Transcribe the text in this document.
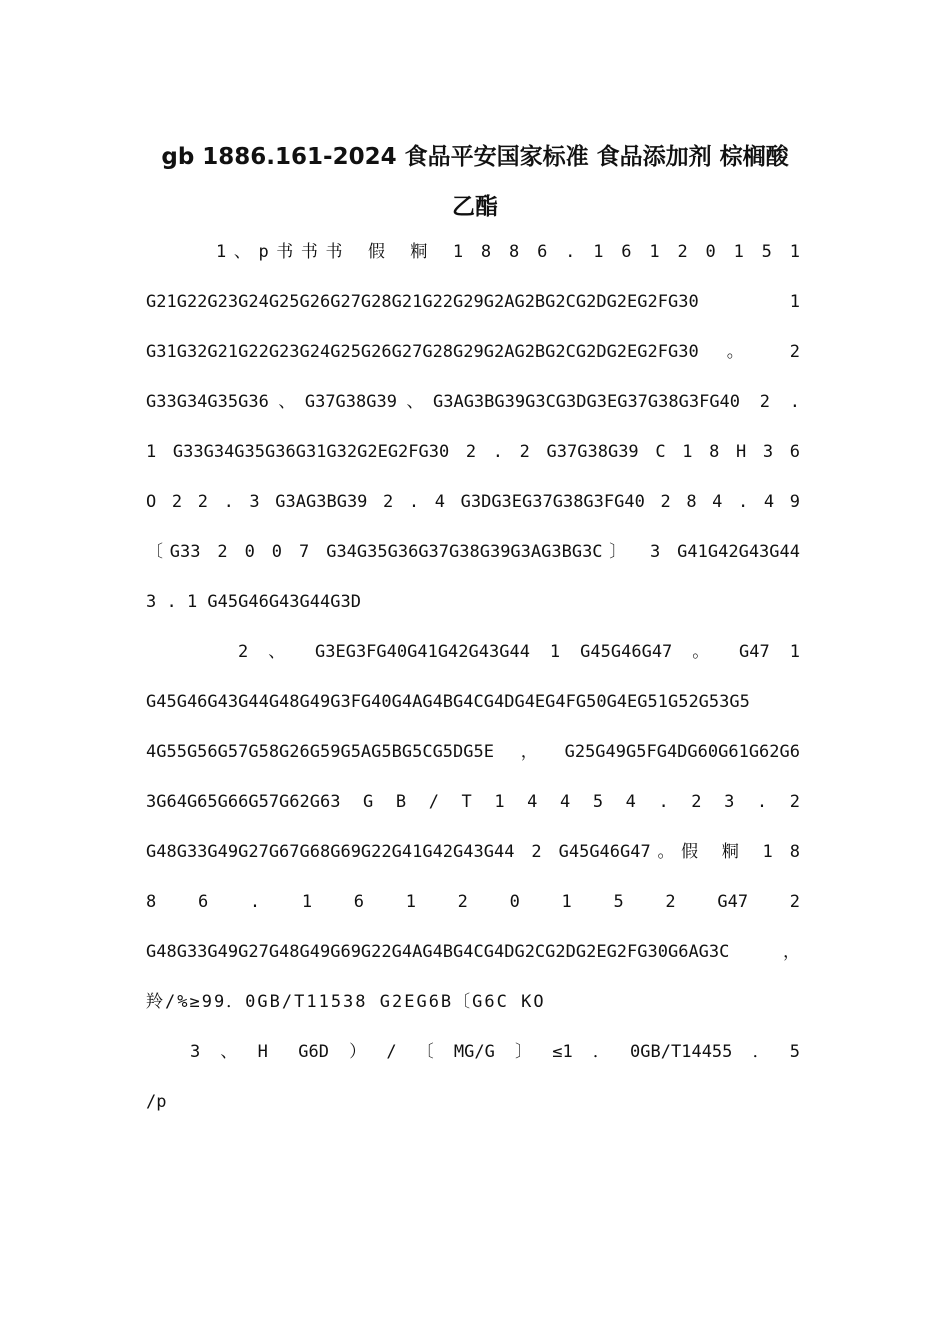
gb 1886.161-2024 食品平安国家标准 食品添加剂 棕榈酸
乙酯
1、p书书书 假 粡 1 8 8 6 . 1 6 1 2 0 1 5 1
G21G22G23G24G25G26G27G28G21G22G29G2AG2BG2CG2DG2EG2FG30 1
G31G32G21G22G23G24G25G26G27G28G29G2AG2BG2CG2DG2EG2FG30 。 2
G33G34G35G36、G37G38G39、G3AG3BG39G3CG3DG3EG37G38G3FG40 2 .
1 G33G34G35G36G31G32G2EG2FG30 2 . 2 G37G38G39 C 1 8 H 3 6
O 2 2 . 3 G3AG3BG39 2 . 4 G3DG3EG37G38G3FG40 2 8 4 . 4 9
〔G33 2 0 0 7 G34G35G36G37G38G39G3AG3BG3C〕 3 G41G42G43G44
3 . 1 G45G46G43G44G3D
2 、 G3EG3FG40G41G42G43G44 1 G45G46G47 。 G47 1
G45G46G43G44G48G49G3FG40G4AG4BG4CG4DG4EG4FG50G4EG51G52G53G5
4G55G56G57G58G26G59G5AG5BG5CG5DG5E，G25G49G5FG4DG60G61G62G6
3G64G65G66G57G62G63 G B / T 1 4 4 5 4 . 2 3 . 2
G48G33G49G27G67G68G69G22G41G42G43G44 2 G45G46G47。假 粡 1 8
8 6 . 1 6 1 2 0 1 5 2 G47 2
G48G33G49G27G48G49G69G22G4AG4BG4CG4DG2CG2DG2EG2FG30G6AG3C，
羚/%≥99．0GB/T11538 G2EG6B〔G6C KO
3、H G6D）/〔MG/G〕≤1．0GB/T14455．5
/p
